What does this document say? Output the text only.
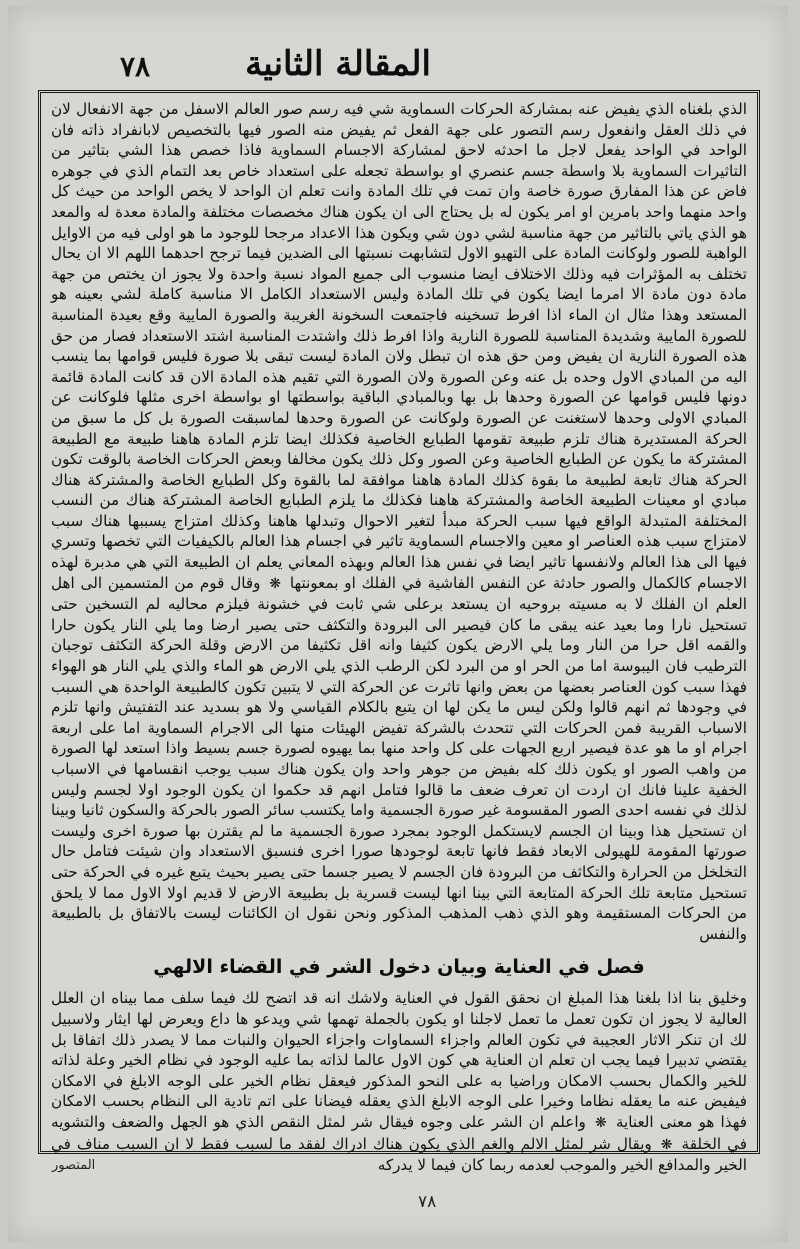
٧٨	المقالة الثانية

الذي بلغناه الذي يفيض عنه بمشاركة الحركات السماوية شي فيه رسم صور العالم الاسفل من جهة الانفعال لان في ذلك العقل وانفعول رسم التصور على جهة الفعل ثم يفيض منه الصور فيها بالتخصيص لابانفراد ذاته فان الواحد في الواحد يفعل لاجل ما احدثه لاحق لمشاركة الاجسام السماوية فاذا خصص هذا الشي بتاثير من التاثيرات السماوية بلا واسطة جسم عنصري او بواسطة تجعله على استعداد خاص بعد التمام الذي في جوهره فاض عن هذا المفارق صورة خاصة وان تمت في تلك المادة وانت تعلم ان الواحد لا يخص الواحد من حيث كل واحد منهما واحد بامرين او امر يكون له بل يحتاج الى ان يكون هناك مخصصات مختلفة والمادة معدة له والمعد هو الذي ياتي بالتاثير من جهة مناسبة لشي دون شي ويكون هذا الاعداد مرجحا للوجود ما هو اولى فيه من الاوايل الواهبة للصور ولوكانت المادة على التهيو الاول لتشابهت نسبتها الى الضدين فيما ترجح احدهما اللهم الا ان يحال تختلف به المؤثرات فيه وذلك الاختلاف ايضا منسوب الى جميع المواد نسبة واحدة ولا يجوز ان يختص من جهة مادة دون مادة الا امرما ايضا يكون في تلك المادة وليس الاستعداد الكامل الا مناسبة كاملة لشي بعينه هو المستعد وهذا مثال ان الماء اذا افرط تسخينه فاجتمعت السخونة الغريبة والصورة المايية وقع بعيدة المناسبة للصورة المايية وشديدة المناسبة للصورة النارية واذا افرط ذلك واشتدت المناسبة اشتد الاستعداد فصار من حق هذه الصورة النارية ان يفيض ومن حق هذه ان تبطل ولان المادة ليست تبقى بلا صورة فليس قوامها بما ينسب اليه من المبادي الاول وحده بل عنه وعن الصورة ولان الصورة التي تقيم هذه المادة الان قد كانت المادة قائمة دونها فليس قوامها عن الصورة وحدها بل بها وبالمبادي الباقية بواسطتها او بواسطة اخرى مثلها فلوكانت عن المبادي الاولى وحدها لاستغنت عن الصورة ولوكانت عن الصورة وحدها لماسبقت الصورة بل كل ما سبق من الحركة المستديرة هناك تلزم طبيعة تقومها الطبايع الخاصية فكذلك ايضا تلزم المادة هاهنا طبيعة مع الطبيعة المشتركة ما يكون عن الطبايع الخاصية وعن الصور وكل ذلك يكون مخالفا وبعض الحركات الخاصة بالوقت تكون الحركة هناك تابعة لطبيعة ما بقوة كذلك المادة هاهنا موافقة لما بالقوة وكل الطبايع الخاصة والمشتركة هناك مبادي او معينات الطبيعة الخاصة والمشتركة هاهنا فكذلك ما يلزم الطبايع الخاصة المشتركة هناك من النسب المختلفة المتبدلة الواقع فيها سبب الحركة مبدأ لتغير الاحوال وتبدلها هاهنا وكذلك امتزاج يسببها هناك سبب لامتزاج سبب هذه العناصر او معين والاجسام السماوية تاثير في اجسام هذا العالم بالكيفيات التي تخصها وتسري فيها الى هذا العالم ولانفسها تاثير ايضا في نفس هذا العالم وبهذه المعاني يعلم ان الطبيعة التي هي مدبرة لهذه الاجسام كالكمال والصور حادثة عن النفس الفاشية في الفلك او بمعونتها ❋ وقال قوم من المتسمين الى اهل العلم ان الفلك لا به مسيته بروحيه ان يستعد برعلى شي ثابت في خشونة فيلزم محاليه لم التسخين حتى تستحيل نارا وما بعيد عنه يبقى ما كان فيصير الى البرودة والتكثف حتى يصير ارضا وما يلي النار يكون حارا والقمه اقل حرا من النار وما يلي الارض يكون كثيفا وانه اقل تكثيفا من الارض وقلة الحركة التكثف توجبان الترطيب فان اليبوسة اما من الحر او من البرد لكن الرطب الذي يلي الارض هو الماء والذي يلي النار هو الهواء فهذا سبب كون العناصر بعضها من بعض وانها تاثرت عن الحركة التي لا يتبين تكون كالطبيعة الواحدة هي السبب في وجودها ثم انهم قالوا ولكن ليس ما يكن لها ان يتبع بالكلام القياسي ولا هو بسديد عند التفتيش وانها تلزم الاسباب القريبة فمن الحركات التي تتحدث بالشركة تفيض الهيئات منها الى الاجرام السماوية اما على اربعة اجرام او ما هو عدة فيصير اربع الجهات على كل واحد منها بما يهيوه لصورة جسم بسيط واذا استعد لها الصورة من واهب الصور او يكون ذلك كله بفيض من جوهر واحد وان يكون هناك سبب يوجب انقسامها في الاسباب الخفية علينا فانك ان اردت ان تعرف ضعف ما قالوا فتامل انهم قد حكموا ان يكون الوجود اولا لجسم وليس لذلك في نفسه احدى الصور المقسومة غير صورة الجسمية واما يكتسب سائر الصور بالحركة والسكون ثانيا وبينا ان تستحيل هذا وبينا ان الجسم لايستكمل الوجود بمجرد صورة الجسمية ما لم يقترن بها صورة اخرى وليست صورتها المقومة للهيولى الابعاد فقط فانها تابعة لوجودها صورا اخرى فنسبق الاستعداد وان شيئت فتامل حال التخلخل من الحرارة والتكاثف من البرودة فان الجسم لا يصير جسما حتى يصير بحيث يتبع غيره في الحركة حتى تستحيل متابعة تلك الحركة المتابعة التي بينا انها ليست قسرية بل بطبيعة الارض لا قديم اولا الاول مما لا يلحق من الحركات المستقيمة وهو الذي ذهب المذهب المذكور ونحن نقول ان الكائنات ليست بالاتفاق بل بالطبيعة والنفس

فصل في العناية وبيان دخول الشر في القضاء الالهي

وخليق بنا اذا بلغنا هذا المبلغ ان نحقق القول في العناية ولاشك انه قد اتضح لك فيما سلف مما بيناه ان العلل العالية لا يجوز ان تكون تعمل ما تعمل لاجلنا او يكون بالجملة تهمها شي ويدعو ها داع ويعرض لها ايثار ولاسبيل لك ان تنكر الاثار العجيبة في تكون العالم واجزاء السماوات واجزاء الحيوان والنبات مما لا يصدر ذلك اتفاقا بل يقتضي تدبيرا فيما يجب ان تعلم ان العناية هي كون الاول عالما لذاته بما عليه الوجود في نظام الخير وعلة لذاته للخير والكمال بحسب الامكان وراضيا به على النحو المذكور فيعقل نظام الخير على الوجه الابلغ في الامكان فيفيض عنه ما يعقله نظاما وخيرا على الوجه الابلغ الذي يعقله فيضانا على اتم تادية الى النظام بحسب الامكان فهذا هو معنى العناية ❋ واعلم ان الشر على وجوه فيقال شر لمثل النقص الذي هو الجهل والضعف والتشويه في الخلقة ❋ ويقال شر لمثل الالم والغم الذي يكون هناك ادراك لفقد ما لسبب فقط لا ان السبب مناف في الخير والمدافع الخير والموجب لعدمه ربما كان فيما لا يدركه

المتصور
٧٨
